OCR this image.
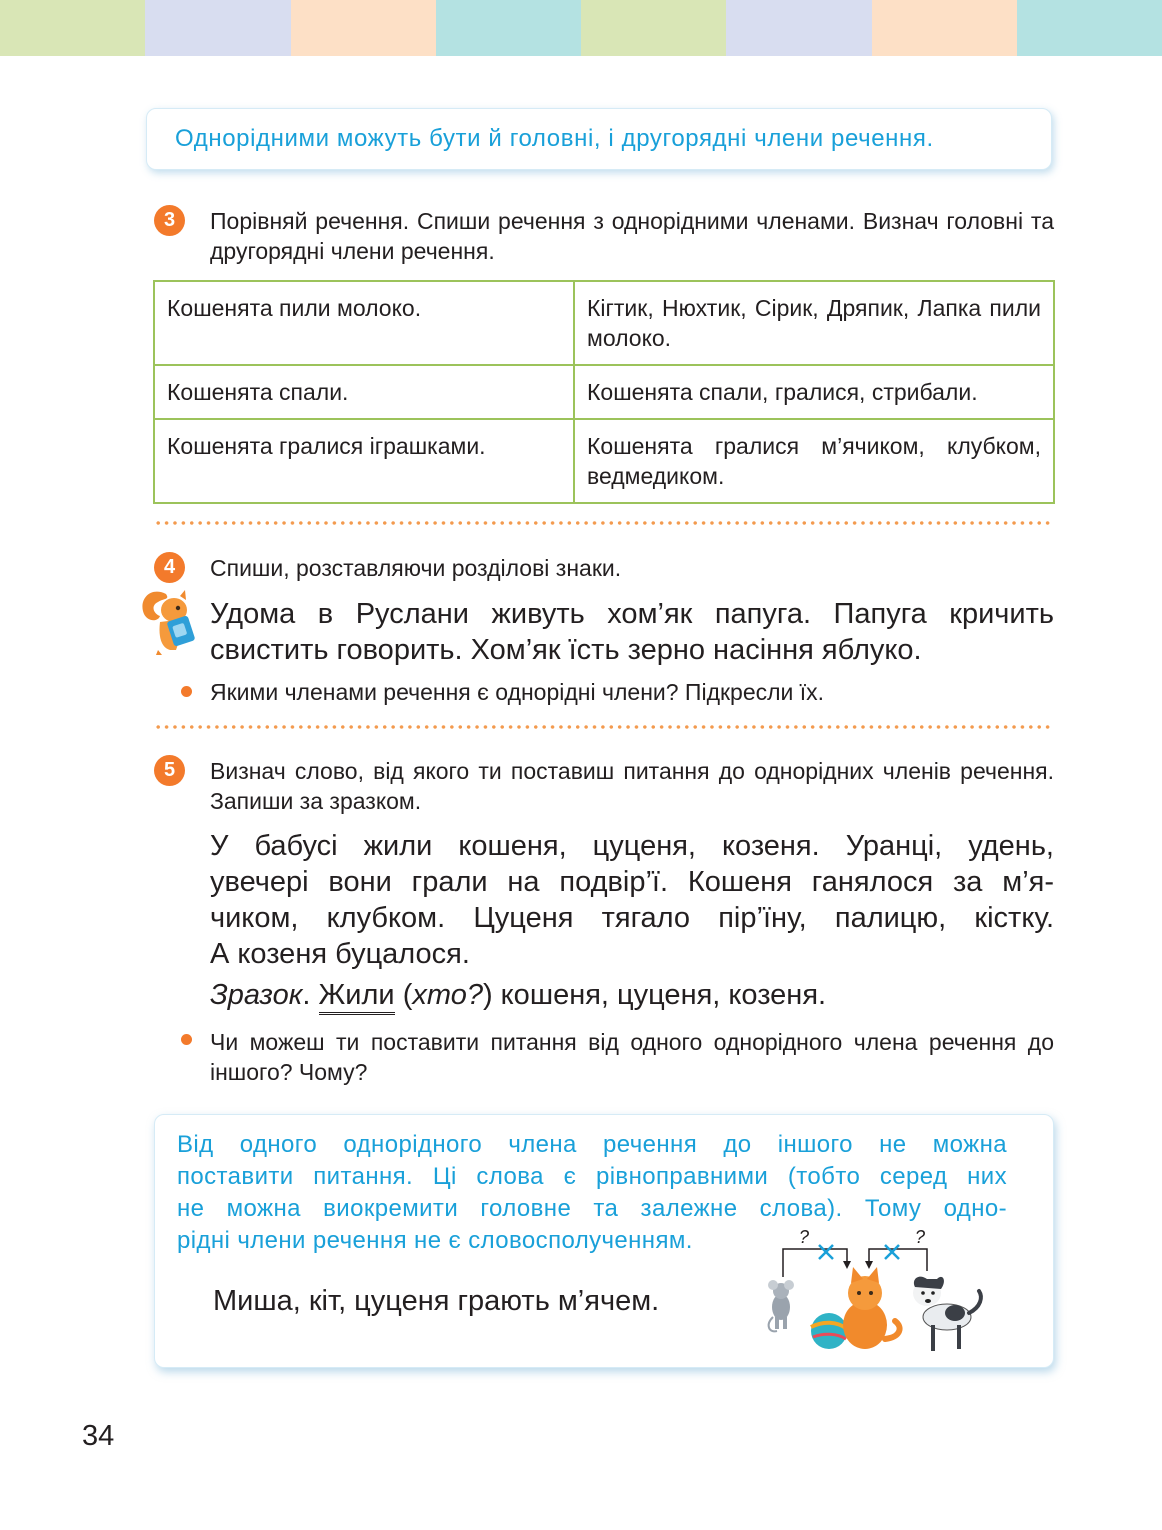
Однорідними можуть бути й головні, і другорядні члени речення.
3	Порівняй речення. Спиши речення з однорідними членами. Визнач головні та другорядні члени речення.
Кошенята пили молоко.	Кігтик, Нюхтик, Сірик, Дряпик, Лапка пили молоко.
Кошенята спали.	Кошенята спали, гралися, стрибали.
Кошенята гралися іграшками.	Кошенята гралися м’ячиком, клубком, ведмедиком.
4	Спиши, розставляючи розділові знаки.
Удома в Руслани живуть хом’як папуга. Папуга кричить
свистить говорить. Хом’як їсть зерно насіння яблуко.
Якими членами речення є однорідні члени? Підкресли їх.
5	Визнач слово, від якого ти поставиш питання до однорідних членів речення. Запиши за зразком.
У бабусі жили кошеня, цуценя, козеня. Уранці, удень,
увечері вони грали на подвір’ї. Кошеня ганялося за м’я-
чиком, клубком. Цуценя тягало пір’їну, палицю, кістку.
А козеня буцалося.
Зразок. Жили (хто?) кошеня, цуценя, козеня.
Чи можеш ти поставити питання від одного однорідного члена речення до іншого? Чому?
Від одного однорідного члена речення до іншого не можна
поставити питання. Ці слова є рівноправними (тобто серед них
не можна виокремити головне та залежне слова). Тому одно-
рідні члени речення не є словосполученням.
Миша, кіт, цуценя грають м’ячем.
?	?
34
